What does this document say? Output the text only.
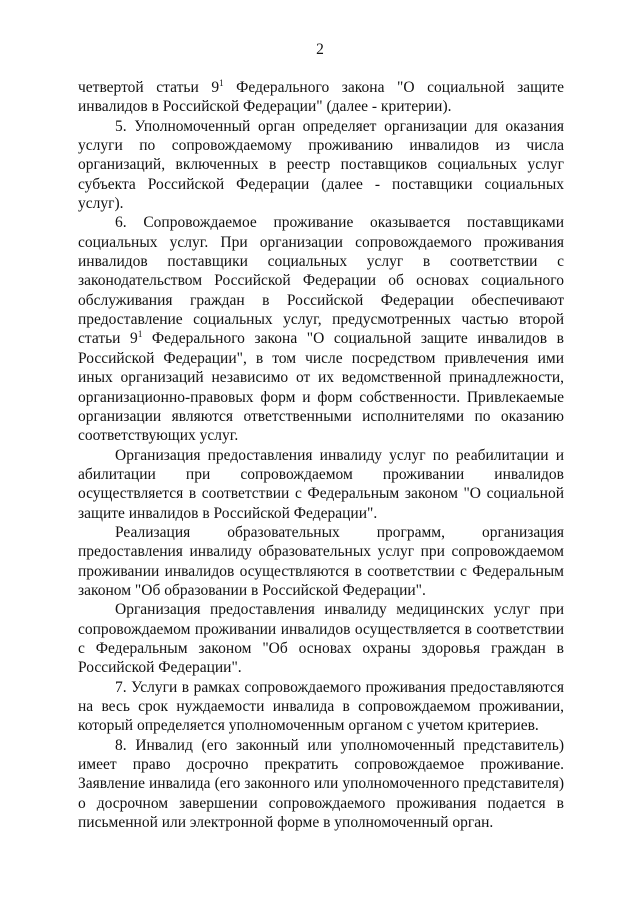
2

четвертой статьи $9^1$ Федерального закона "О социальной защите инвалидов в Российской Федерации" (далее - критерии).

5. Уполномоченный орган определяет организации для оказания услуги по сопровождаемому проживанию инвалидов из числа организаций, включенных в реестр поставщиков социальных услуг субъекта Российской Федерации (далее - поставщики социальных услуг).

6. Сопровождаемое проживание оказывается поставщиками социальных услуг. При организации сопровождаемого проживания инвалидов поставщики социальных услуг в соответствии с законодательством Российской Федерации об основах социального обслуживания граждан в Российской Федерации обеспечивают предоставление социальных услуг, предусмотренных частью второй статьи $9^1$ Федерального закона "О социальной защите инвалидов в Российской Федерации", в том числе посредством привлечения ими иных организаций независимо от их ведомственной принадлежности, организационно-правовых форм и форм собственности. Привлекаемые организации являются ответственными исполнителями по оказанию соответствующих услуг.

Организация предоставления инвалиду услуг по реабилитации и абилитации при сопровождаемом проживании инвалидов осуществляется в соответствии с Федеральным законом "О социальной защите инвалидов в Российской Федерации".

Реализация образовательных программ, организация предоставления инвалиду образовательных услуг при сопровождаемом проживании инвалидов осуществляются в соответствии с Федеральным законом "Об образовании в Российской Федерации".

Организация предоставления инвалиду медицинских услуг при сопровождаемом проживании инвалидов осуществляется в соответствии с Федеральным законом "Об основах охраны здоровья граждан в Российской Федерации".

7. Услуги в рамках сопровождаемого проживания предоставляются на весь срок нуждаемости инвалида в сопровождаемом проживании, который определяется уполномоченным органом с учетом критериев.

8. Инвалид (его законный или уполномоченный представитель) имеет право досрочно прекратить сопровождаемое проживание. Заявление инвалида (его законного или уполномоченного представителя) о досрочном завершении сопровождаемого проживания подается в письменной или электронной форме в уполномоченный орган.
